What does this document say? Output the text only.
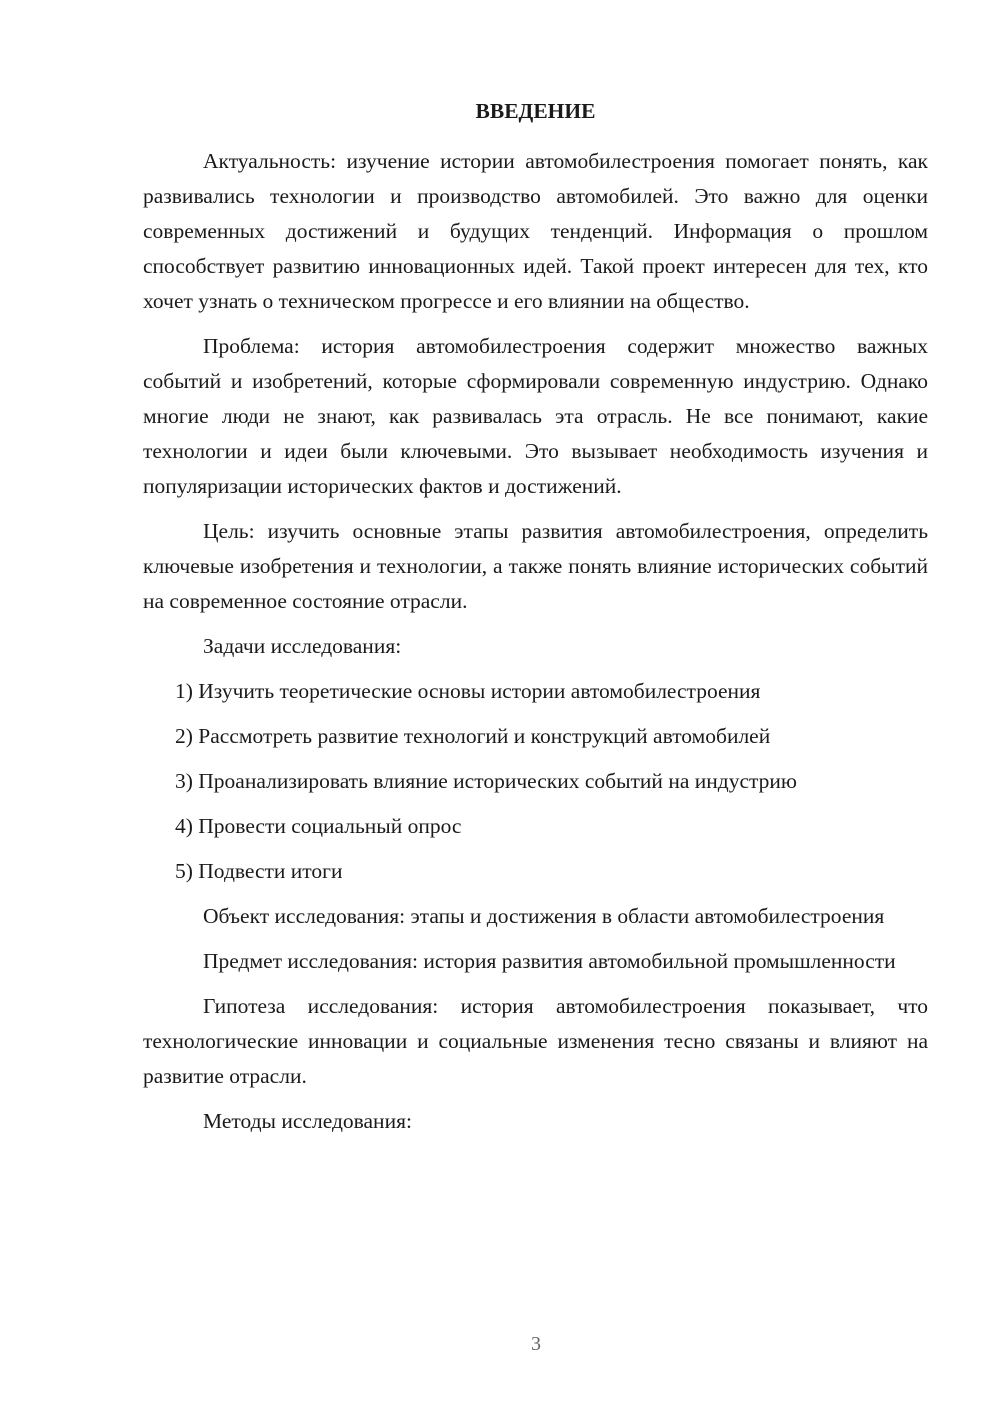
ВВЕДЕНИЕ

Актуальность: изучение истории автомобилестроения помогает понять, как развивались технологии и производство автомобилей. Это важно для оценки современных достижений и будущих тенденций. Информация о прошлом способствует развитию инновационных идей. Такой проект интересен для тех, кто хочет узнать о техническом прогрессе и его влиянии на общество.

Проблема: история автомобилестроения содержит множество важных событий и изобретений, которые сформировали современную индустрию. Однако многие люди не знают, как развивалась эта отрасль. Не все понимают, какие технологии и идеи были ключевыми. Это вызывает необходимость изучения и популяризации исторических фактов и достижений.

Цель: изучить основные этапы развития автомобилестроения, определить ключевые изобретения и технологии, а также понять влияние исторических событий на современное состояние отрасли.

Задачи исследования:

1) Изучить теоретические основы истории автомобилестроения
2) Рассмотреть развитие технологий и конструкций автомобилей
3) Проанализировать влияние исторических событий на индустрию
4) Провести социальный опрос
5) Подвести итоги

Объект исследования: этапы и достижения в области автомобилестроения

Предмет исследования: история развития автомобильной промышленности

Гипотеза исследования: история автомобилестроения показывает, что технологические инновации и социальные изменения тесно связаны и влияют на развитие отрасли.

Методы исследования:

3
